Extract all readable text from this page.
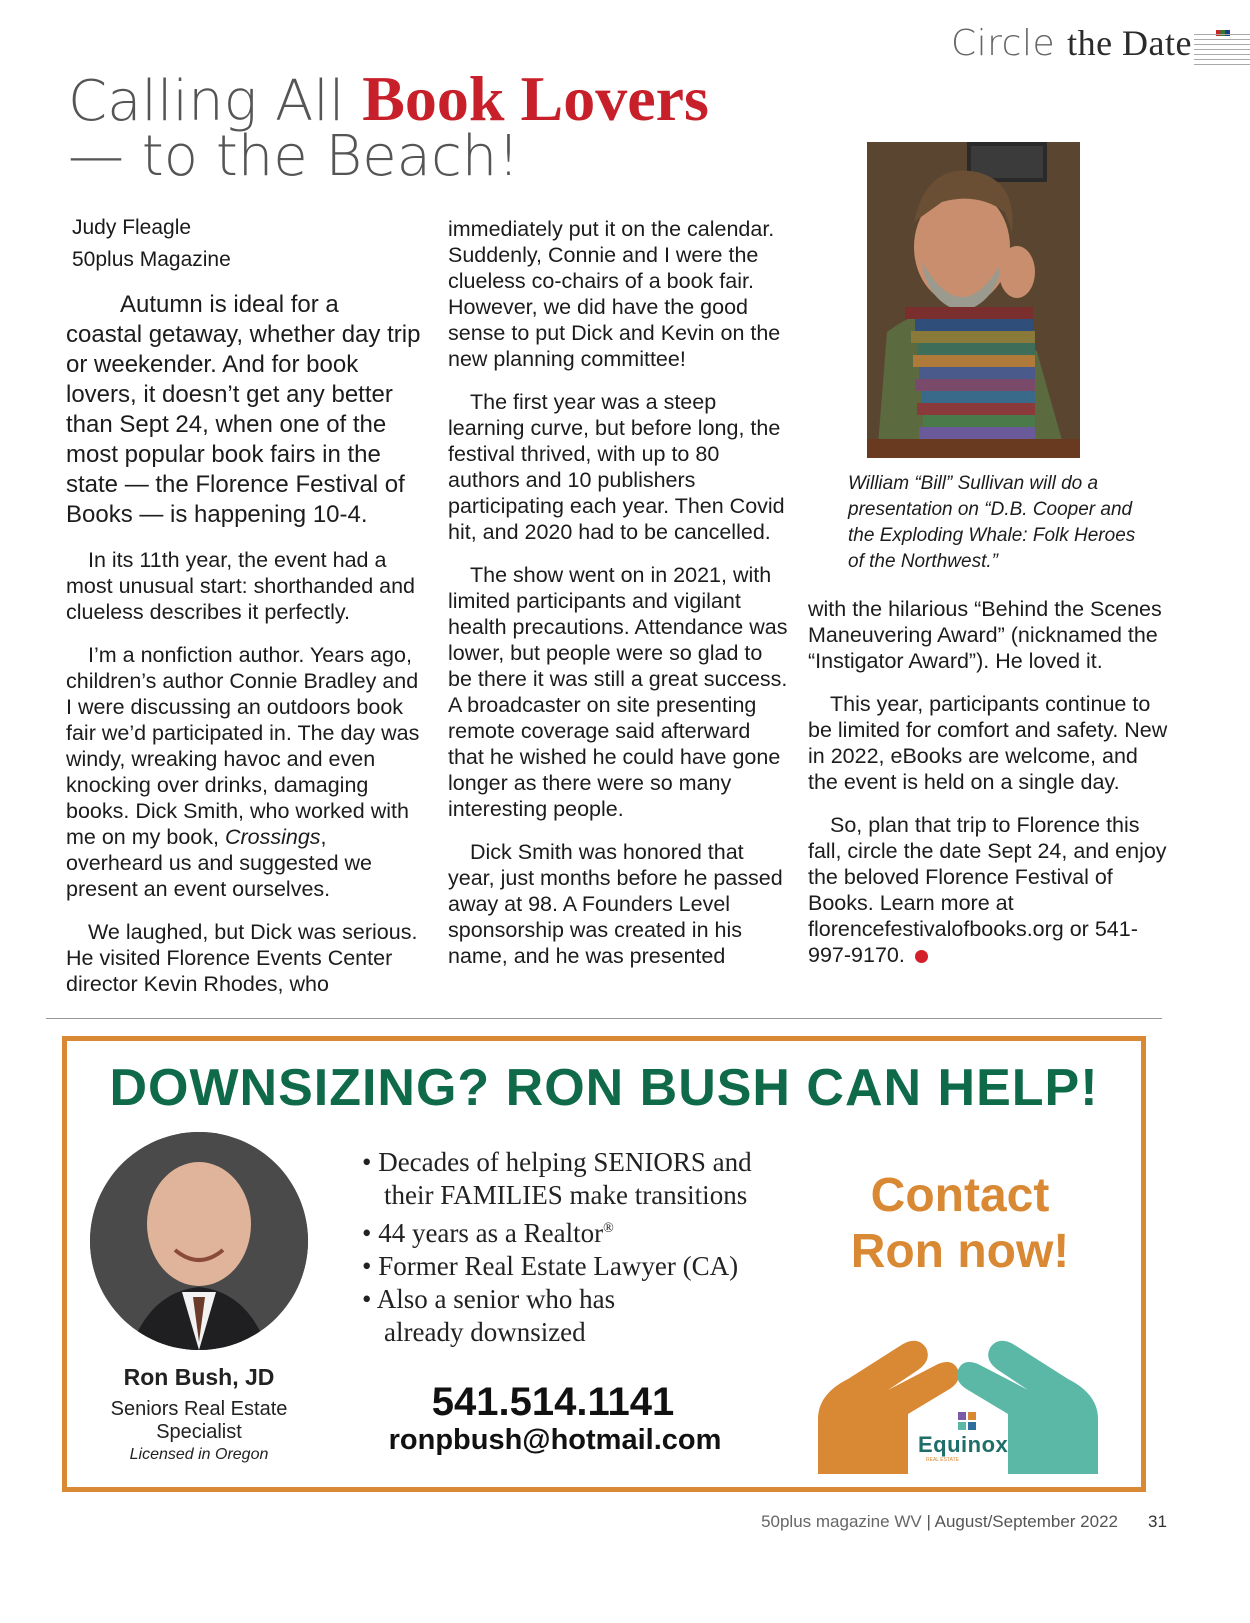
Circle the Date
Calling All Book Lovers
— to the Beach!
Judy Fleagle
50plus Magazine

Autumn is ideal for a coastal getaway, whether day trip or weekender. And for book lovers, it doesn’t get any better than Sept 24, when one of the most popular book fairs in the state — the Florence Festival of Books — is happening 10-4.

In its 11th year, the event had a most unusual start: shorthanded and clueless describes it perfectly.

I’m a nonfiction author. Years ago, children’s author Connie Bradley and I were discussing an outdoors book fair we’d participated in. The day was windy, wreaking havoc and even knocking over drinks, damaging books. Dick Smith, who worked with me on my book, Crossings, overheard us and suggested we present an event ourselves.

We laughed, but Dick was serious. He visited Florence Events Center director Kevin Rhodes, who

immediately put it on the calendar. Suddenly, Connie and I were the clueless co-chairs of a book fair. However, we did have the good sense to put Dick and Kevin on the new planning committee!

The first year was a steep learning curve, but before long, the festival thrived, with up to 80 authors and 10 publishers participating each year. Then Covid hit, and 2020 had to be cancelled.

The show went on in 2021, with limited participants and vigilant health precautions. Attendance was lower, but people were so glad to be there it was still a great success. A broadcaster on site presenting remote coverage said afterward that he wished he could have gone longer as there were so many interesting people.

Dick Smith was honored that year, just months before he passed away at 98. A Founders Level sponsorship was created in his name, and he was presented

William “Bill” Sullivan will do a presentation on “D.B. Cooper and the Exploding Whale: Folk Heroes of the Northwest.”

with the hilarious “Behind the Scenes Maneuvering Award” (nicknamed the “Instigator Award”). He loved it.

This year, participants continue to be limited for comfort and safety. New in 2022, eBooks are welcome, and the event is held on a single day.

So, plan that trip to Florence this fall, circle the date Sept 24, and enjoy the beloved Florence Festival of Books. Learn more at florencefestivalofbooks.org or 541-997-9170.

DOWNSIZING? RON BUSH CAN HELP!
Ron Bush, JD
Seniors Real Estate Specialist
Licensed in Oregon
• Decades of helping SENIORS and
their FAMILIES make transitions
• 44 years as a Realtor®
• Former Real Estate Lawyer (CA)
• Also a senior who has
already downsized
541.514.1141
ronpbush@hotmail.com
Contact
Ron now!
Equinox
REAL ESTATE
50plus magazine WV | August/September 2022 31
